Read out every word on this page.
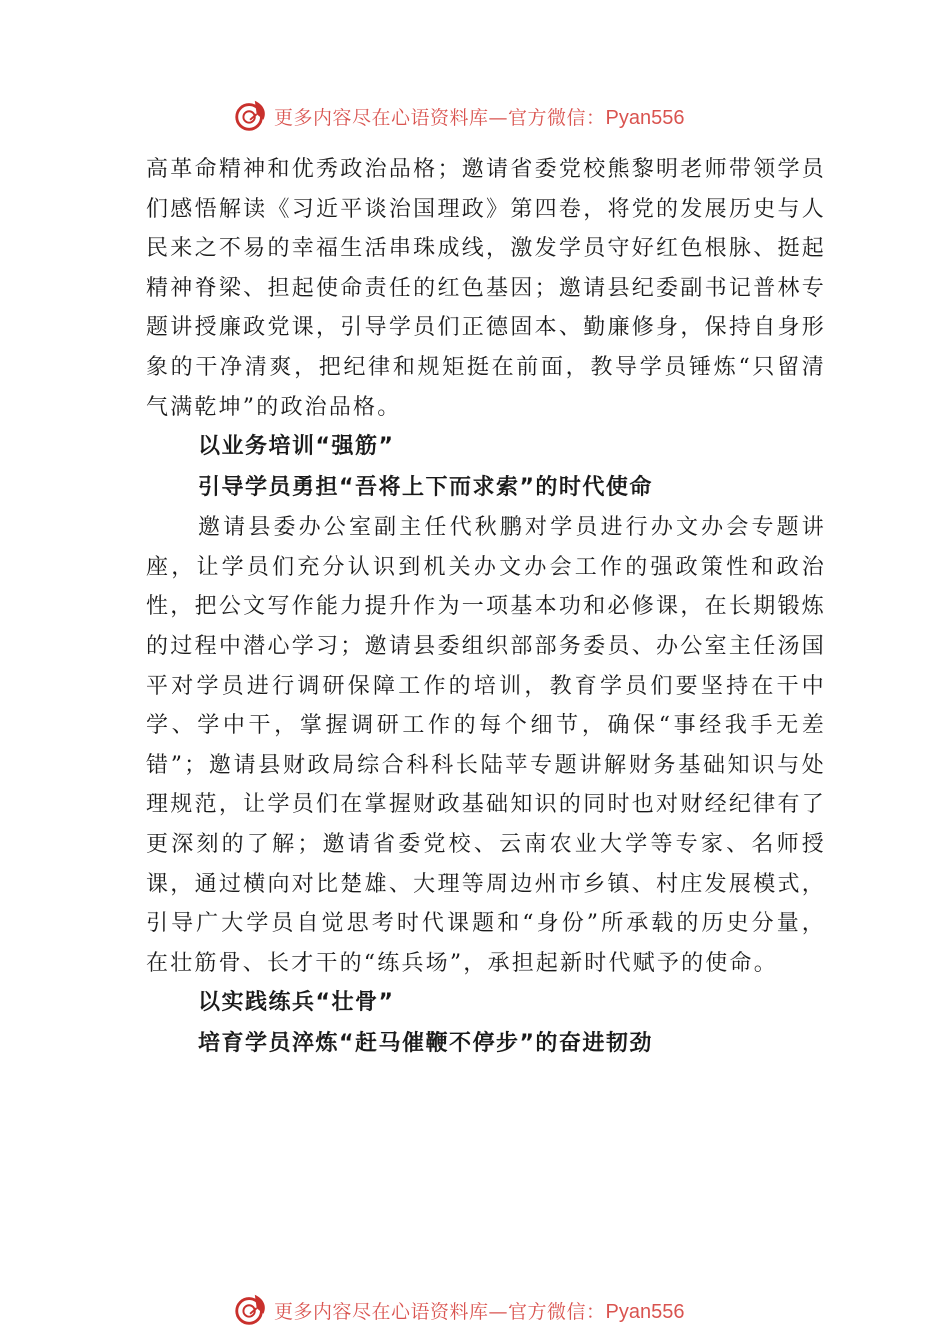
更多内容尽在心语资料库—官方微信：Pyan556

高革命精神和优秀政治品格；邀请省委党校熊黎明老师带领学员们感悟解读《习近平谈治国理政》第四卷，将党的发展历史与人民来之不易的幸福生活串珠成线，激发学员守好红色根脉、挺起精神脊梁、担起使命责任的红色基因；邀请县纪委副书记普林专题讲授廉政党课，引导学员们正德固本、勤廉修身，保持自身形象的干净清爽，把纪律和规矩挺在前面，教导学员锤炼“只留清气满乾坤”的政治品格。

以业务培训“强筋”
引导学员勇担“吾将上下而求索”的时代使命

邀请县委办公室副主任代秋鹏对学员进行办文办会专题讲座，让学员们充分认识到机关办文办会工作的强政策性和政治性，把公文写作能力提升作为一项基本功和必修课，在长期锻炼的过程中潜心学习；邀请县委组织部部务委员、办公室主任汤国平对学员进行调研保障工作的培训，教育学员们要坚持在干中学、学中干，掌握调研工作的每个细节，确保“事经我手无差错”；邀请县财政局综合科科长陆苹专题讲解财务基础知识与处理规范，让学员们在掌握财政基础知识的同时也对财经纪律有了更深刻的了解；邀请省委党校、云南农业大学等专家、名师授课，通过横向对比楚雄、大理等周边州市乡镇、村庄发展模式，引导广大学员自觉思考时代课题和“身份”所承载的历史分量，在壮筋骨、长才干的“练兵场”，承担起新时代赋予的使命。

以实践练兵“壮骨”
培育学员淬炼“赶马催鞭不停步”的奋进韧劲
更多内容尽在心语资料库—官方微信：Pyan556
